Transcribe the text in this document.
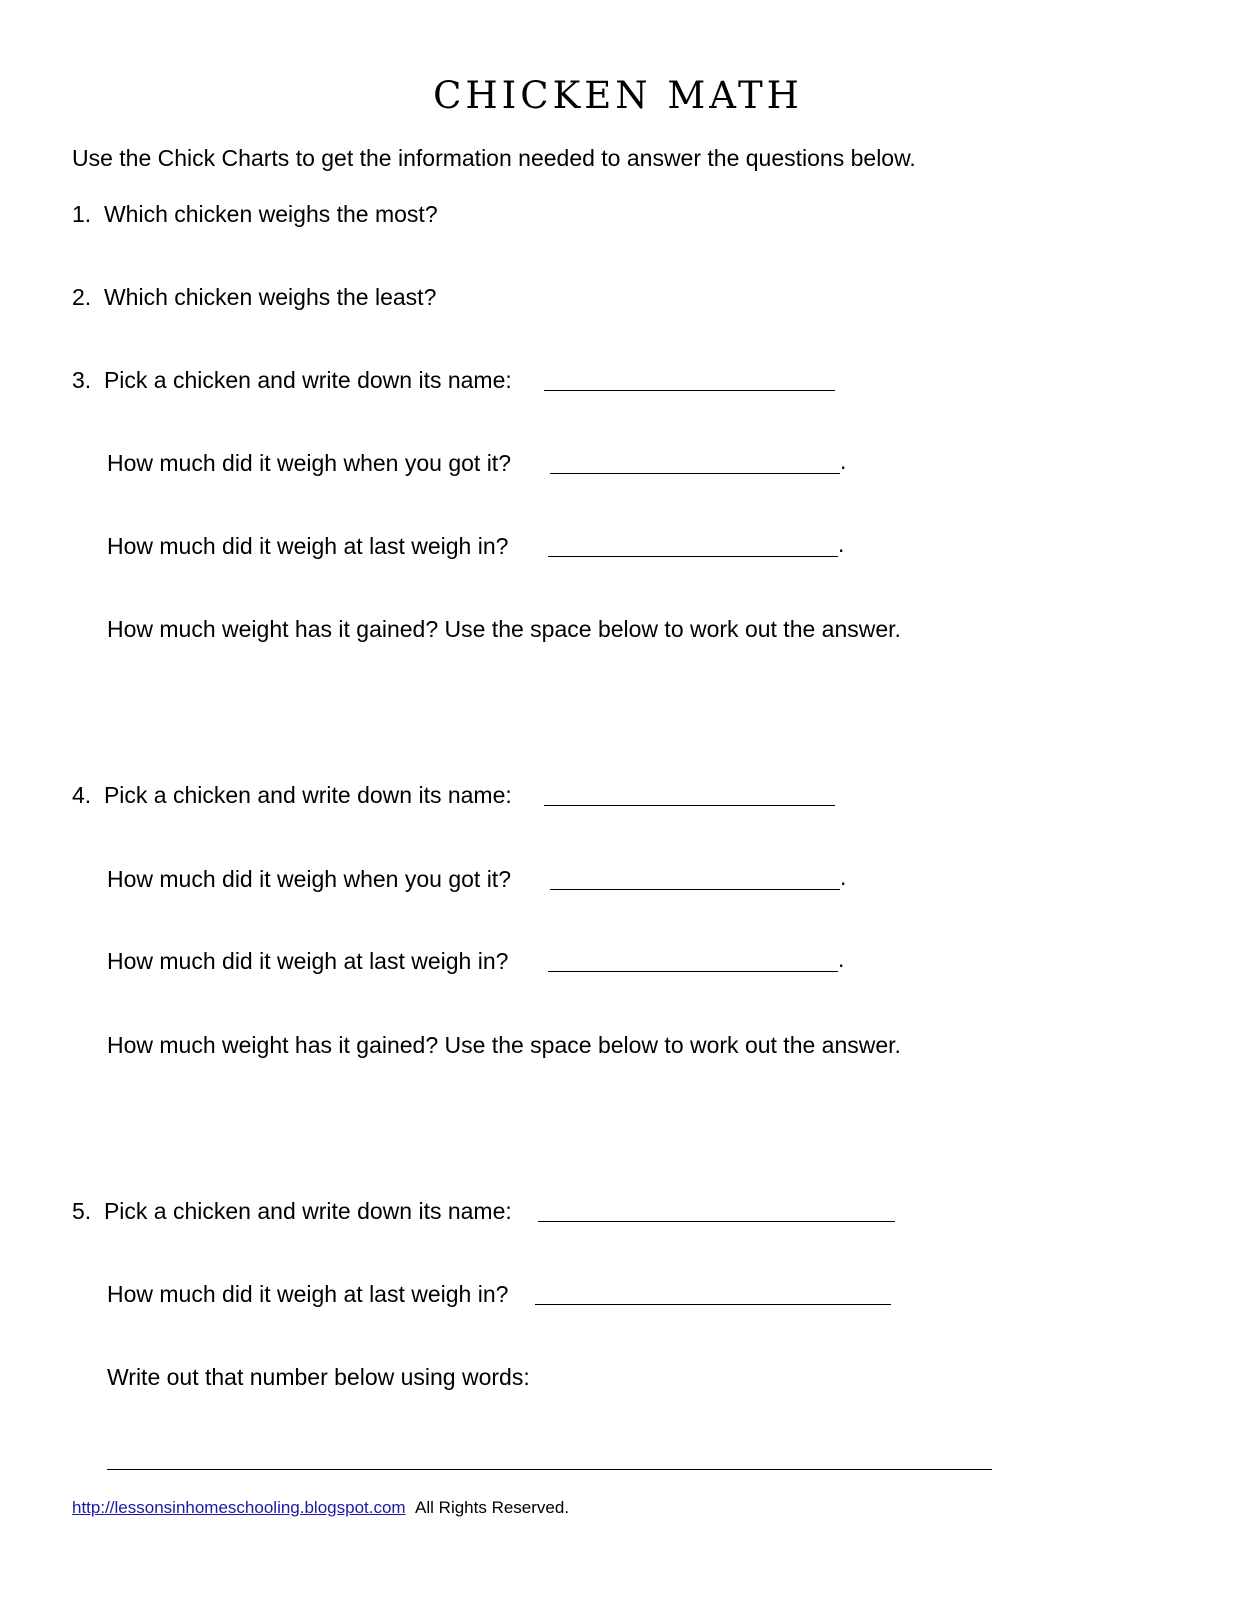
CHICKEN MATH
Use the Chick Charts to get the information needed to answer the questions below.
1. Which chicken weighs the most?
2. Which chicken weighs the least?
3. Pick a chicken and write down its name:
How much did it weigh when you got it?	.
How much did it weigh at last weigh in?	.
How much weight has it gained? Use the space below to work out the answer.
4. Pick a chicken and write down its name:
How much did it weigh when you got it?	.
How much did it weigh at last weigh in?	.
How much weight has it gained? Use the space below to work out the answer.
5. Pick a chicken and write down its name:
How much did it weigh at last weigh in?
Write out that number below using words:
http://lessonsinhomeschooling.blogspot.com All Rights Reserved.
